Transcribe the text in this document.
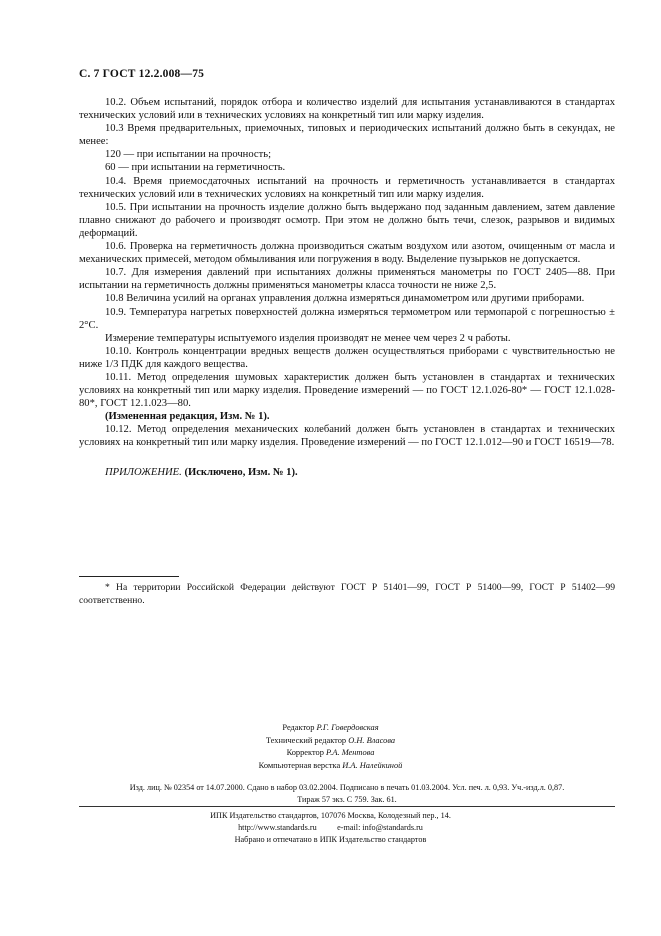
С. 7 ГОСТ 12.2.008—75

10.2. Объем испытаний, порядок отбора и количество изделий для испытания устанавливаются в стандартах технических условий или в технических условиях на конкретный тип или марку изделия.

10.3 Время предварительных, приемочных, типовых и периодических испытаний должно быть в секундах, не менее:

120 — при испытании на прочность;

60 — при испытании на герметичность.

10.4. Время приемосдаточных испытаний на прочность и герметичность устанавливается в стандартах технических условий или в технических условиях на конкретный тип или марку изделия.

10.5. При испытании на прочность изделие должно быть выдержано под заданным давлением, затем давление плавно снижают до рабочего и производят осмотр. При этом не должно быть течи, слезок, разрывов и видимых деформаций.

10.6. Проверка на герметичность должна производиться сжатым воздухом или азотом, очищенным от масла и механических примесей, методом обмыливания или погружения в воду. Выделение пузырьков не допускается.

10.7. Для измерения давлений при испытаниях должны применяться манометры по ГОСТ 2405—88. При испытании на герметичность должны применяться манометры класса точности не ниже 2,5.

10.8 Величина усилий на органах управления должна измеряться динамометром или другими приборами.

10.9. Температура нагретых поверхностей должна измеряться термометром или термопарой с погрешностью ± 2°С.

Измерение температуры испытуемого изделия производят не менее чем через 2 ч работы.

10.10. Контроль концентрации вредных веществ должен осуществляться приборами с чувствительностью не ниже 1/3 ПДК для каждого вещества.

10.11. Метод определения шумовых характеристик должен быть установлен в стандартах и технических условиях на конкретный тип или марку изделия. Проведение измерений — по ГОСТ 12.1.026-80* — ГОСТ 12.1.028-80*, ГОСТ 12.1.023—80.

(Измененная редакция, Изм. № 1).

10.12. Метод определения механических колебаний должен быть установлен в стандартах и технических условиях на конкретный тип или марку изделия. Проведение измерений — по ГОСТ 12.1.012—90 и ГОСТ 16519—78.

ПРИЛОЖЕНИЕ. (Исключено, Изм. № 1).

* На территории Российской Федерации действуют ГОСТ Р 51401—99, ГОСТ Р 51400—99, ГОСТ Р 51402—99 соответственно.

Редактор Р.Г. Говердовская
Технический редактор О.Н. Власова
Корректор Р.А. Ментова
Компьютерная верстка И.А. Налейкиной
Изд. лиц. № 02354 от 14.07.2000. Сдано в набор 03.02.2004. Подписано в печать 01.03.2004. Усл. печ. л. 0,93. Уч.-изд.л. 0,87.
Тираж 57 экз. С 759. Зак. 61.
ИПК Издательство стандартов, 107076 Москва, Колодезный пер., 14.
http://www.standards.ru          e-mail: info@standards.ru
Набрано и отпечатано в ИПК Издательство стандартов
